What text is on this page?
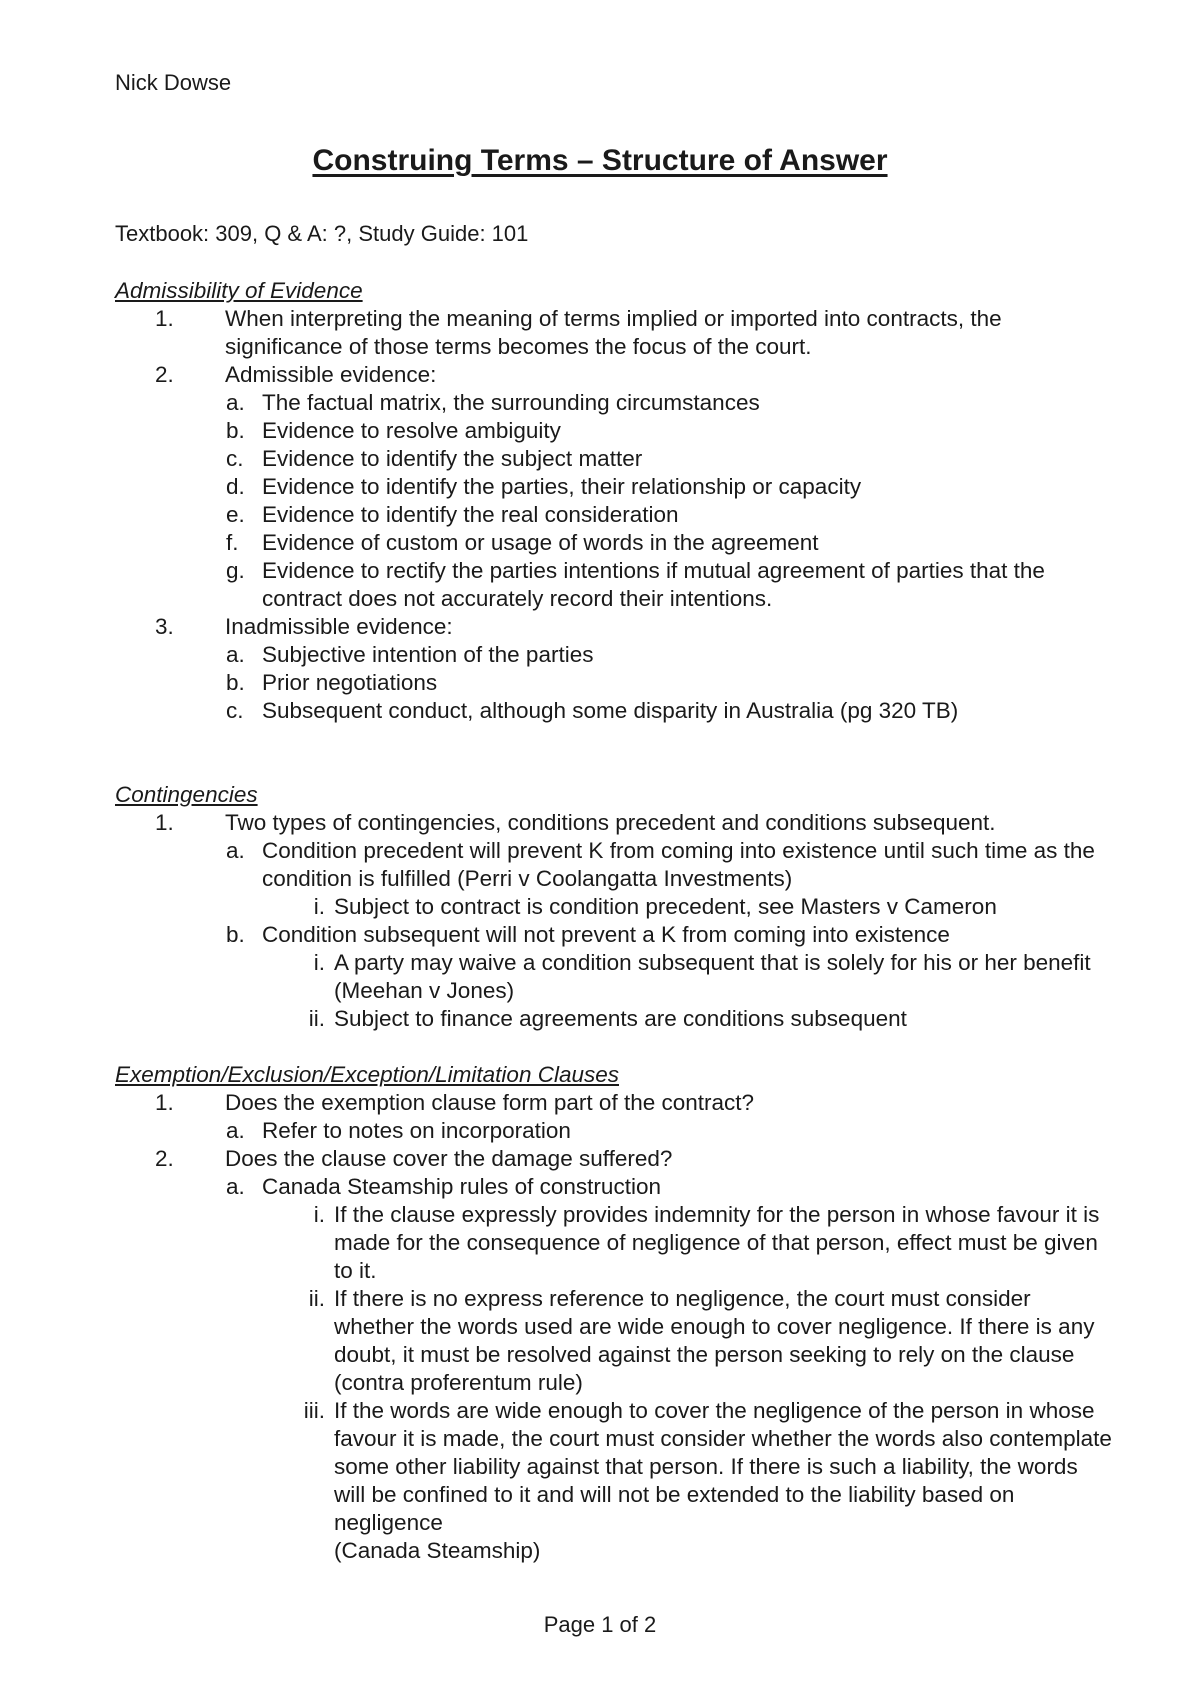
Nick Dowse
Construing Terms – Structure of Answer
Textbook: 309, Q & A: ?, Study Guide: 101
Admissibility of Evidence
1. When interpreting the meaning of terms implied or imported into contracts, the significance of those terms becomes the focus of the court.
2. Admissible evidence:
a. The factual matrix, the surrounding circumstances
b. Evidence to resolve ambiguity
c. Evidence to identify the subject matter
d. Evidence to identify the parties, their relationship or capacity
e. Evidence to identify the real consideration
f. Evidence of custom or usage of words in the agreement
g. Evidence to rectify the parties intentions if mutual agreement of parties that the contract does not accurately record their intentions.
3. Inadmissible evidence:
a. Subjective intention of the parties
b. Prior negotiations
c. Subsequent conduct, although some disparity in Australia (pg 320 TB)
Contingencies
1. Two types of contingencies, conditions precedent and conditions subsequent.
a. Condition precedent will prevent K from coming into existence until such time as the condition is fulfilled (Perri v Coolangatta Investments)
i. Subject to contract is condition precedent, see Masters v Cameron
b. Condition subsequent will not prevent a K from coming into existence
i. A party may waive a condition subsequent that is solely for his or her benefit (Meehan v Jones)
ii. Subject to finance agreements are conditions subsequent
Exemption/Exclusion/Exception/Limitation Clauses
1. Does the exemption clause form part of the contract?
a. Refer to notes on incorporation
2. Does the clause cover the damage suffered?
a. Canada Steamship rules of construction
i. If the clause expressly provides indemnity for the person in whose favour it is made for the consequence of negligence of that person, effect must be given to it.
ii. If there is no express reference to negligence, the court must consider whether the words used are wide enough to cover negligence. If there is any doubt, it must be resolved against the person seeking to rely on the clause (contra proferentum rule)
iii. If the words are wide enough to cover the negligence of the person in whose favour it is made, the court must consider whether the words also contemplate some other liability against that person. If there is such a liability, the words will be confined to it and will not be extended to the liability based on negligence
(Canada Steamship)
Page 1 of 2
